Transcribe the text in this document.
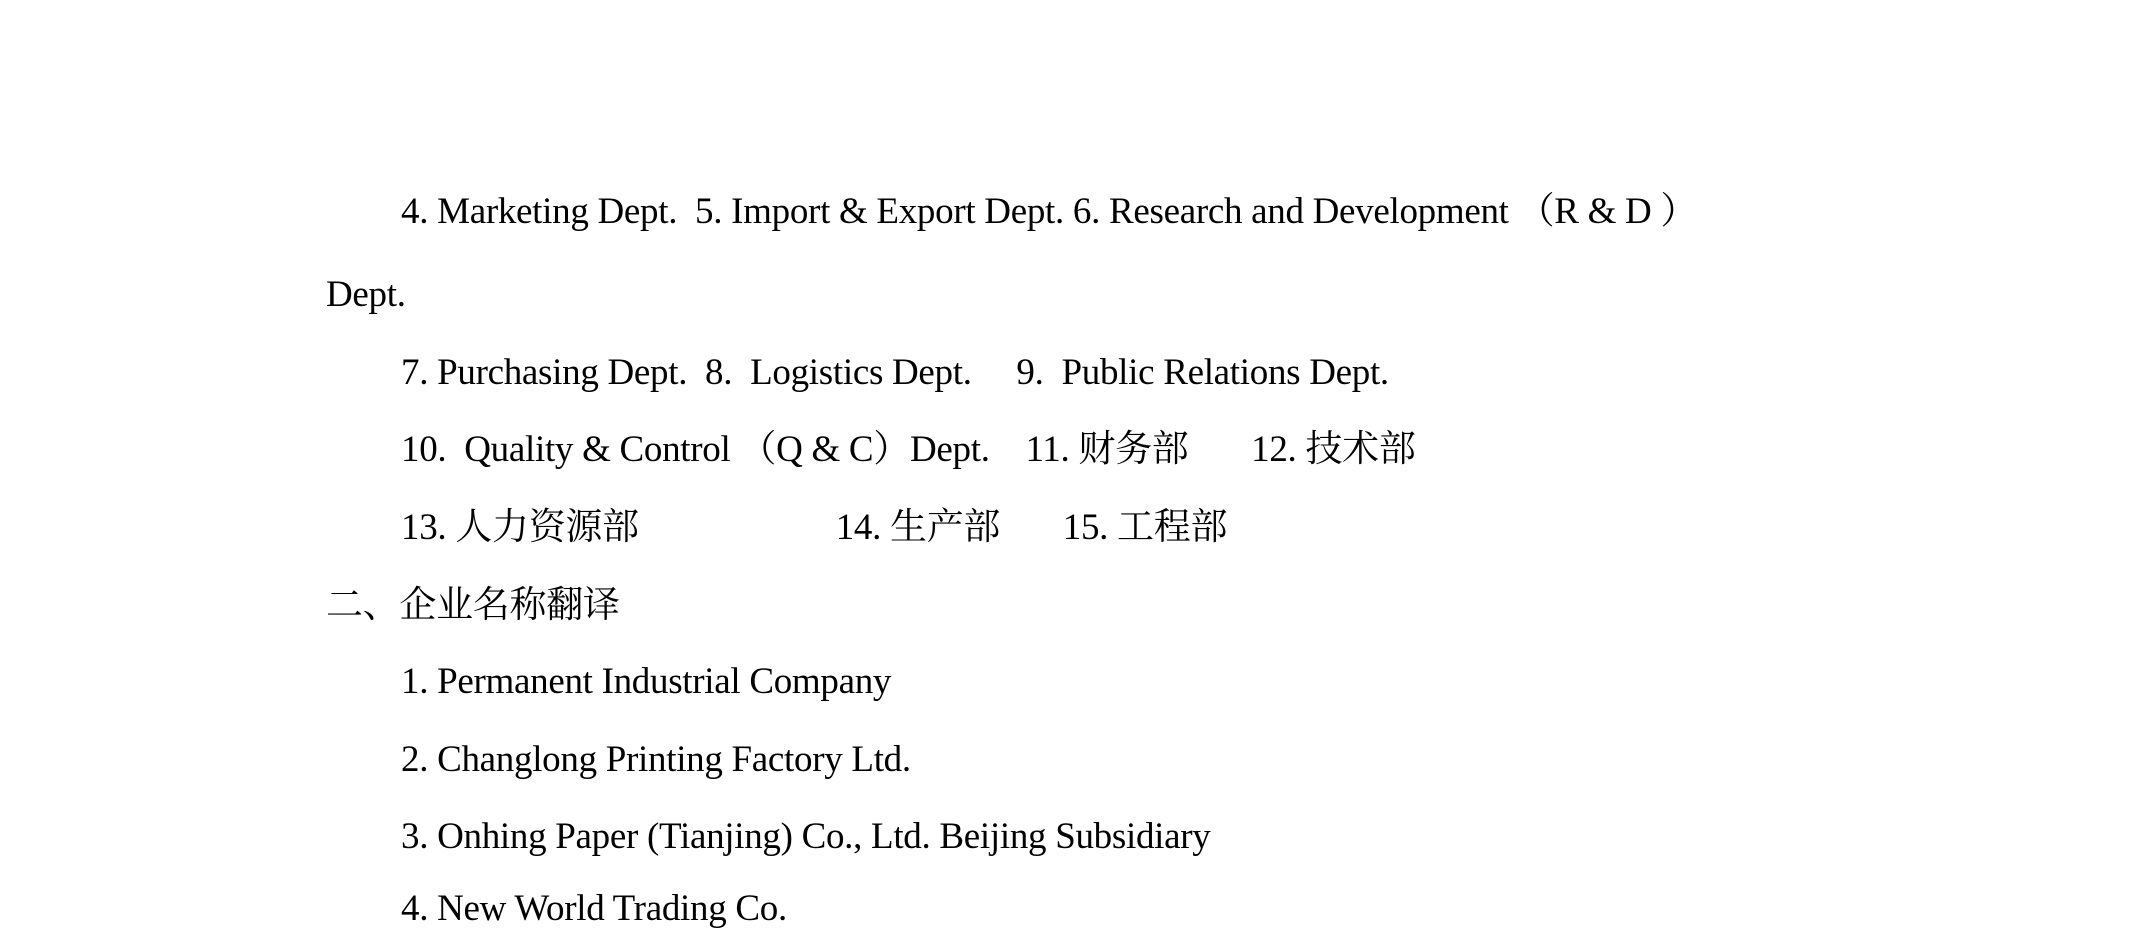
4. Marketing Dept.  5. Import & Export Dept. 6. Research and Development （R & D ）
Dept.
7. Purchasing Dept.  8.  Logistics Dept.     9.  Public Relations Dept.
10.  Quality & Control （Q & C）Dept.    11. 财务部       12. 技术部
13. 人力资源部                      14. 生产部       15. 工程部
二、企业名称翻译
1. Permanent Industrial Company
2. Changlong Printing Factory Ltd.
3. Onhing Paper (Tianjing) Co., Ltd. Beijing Subsidiary
4. New World Trading Co.
